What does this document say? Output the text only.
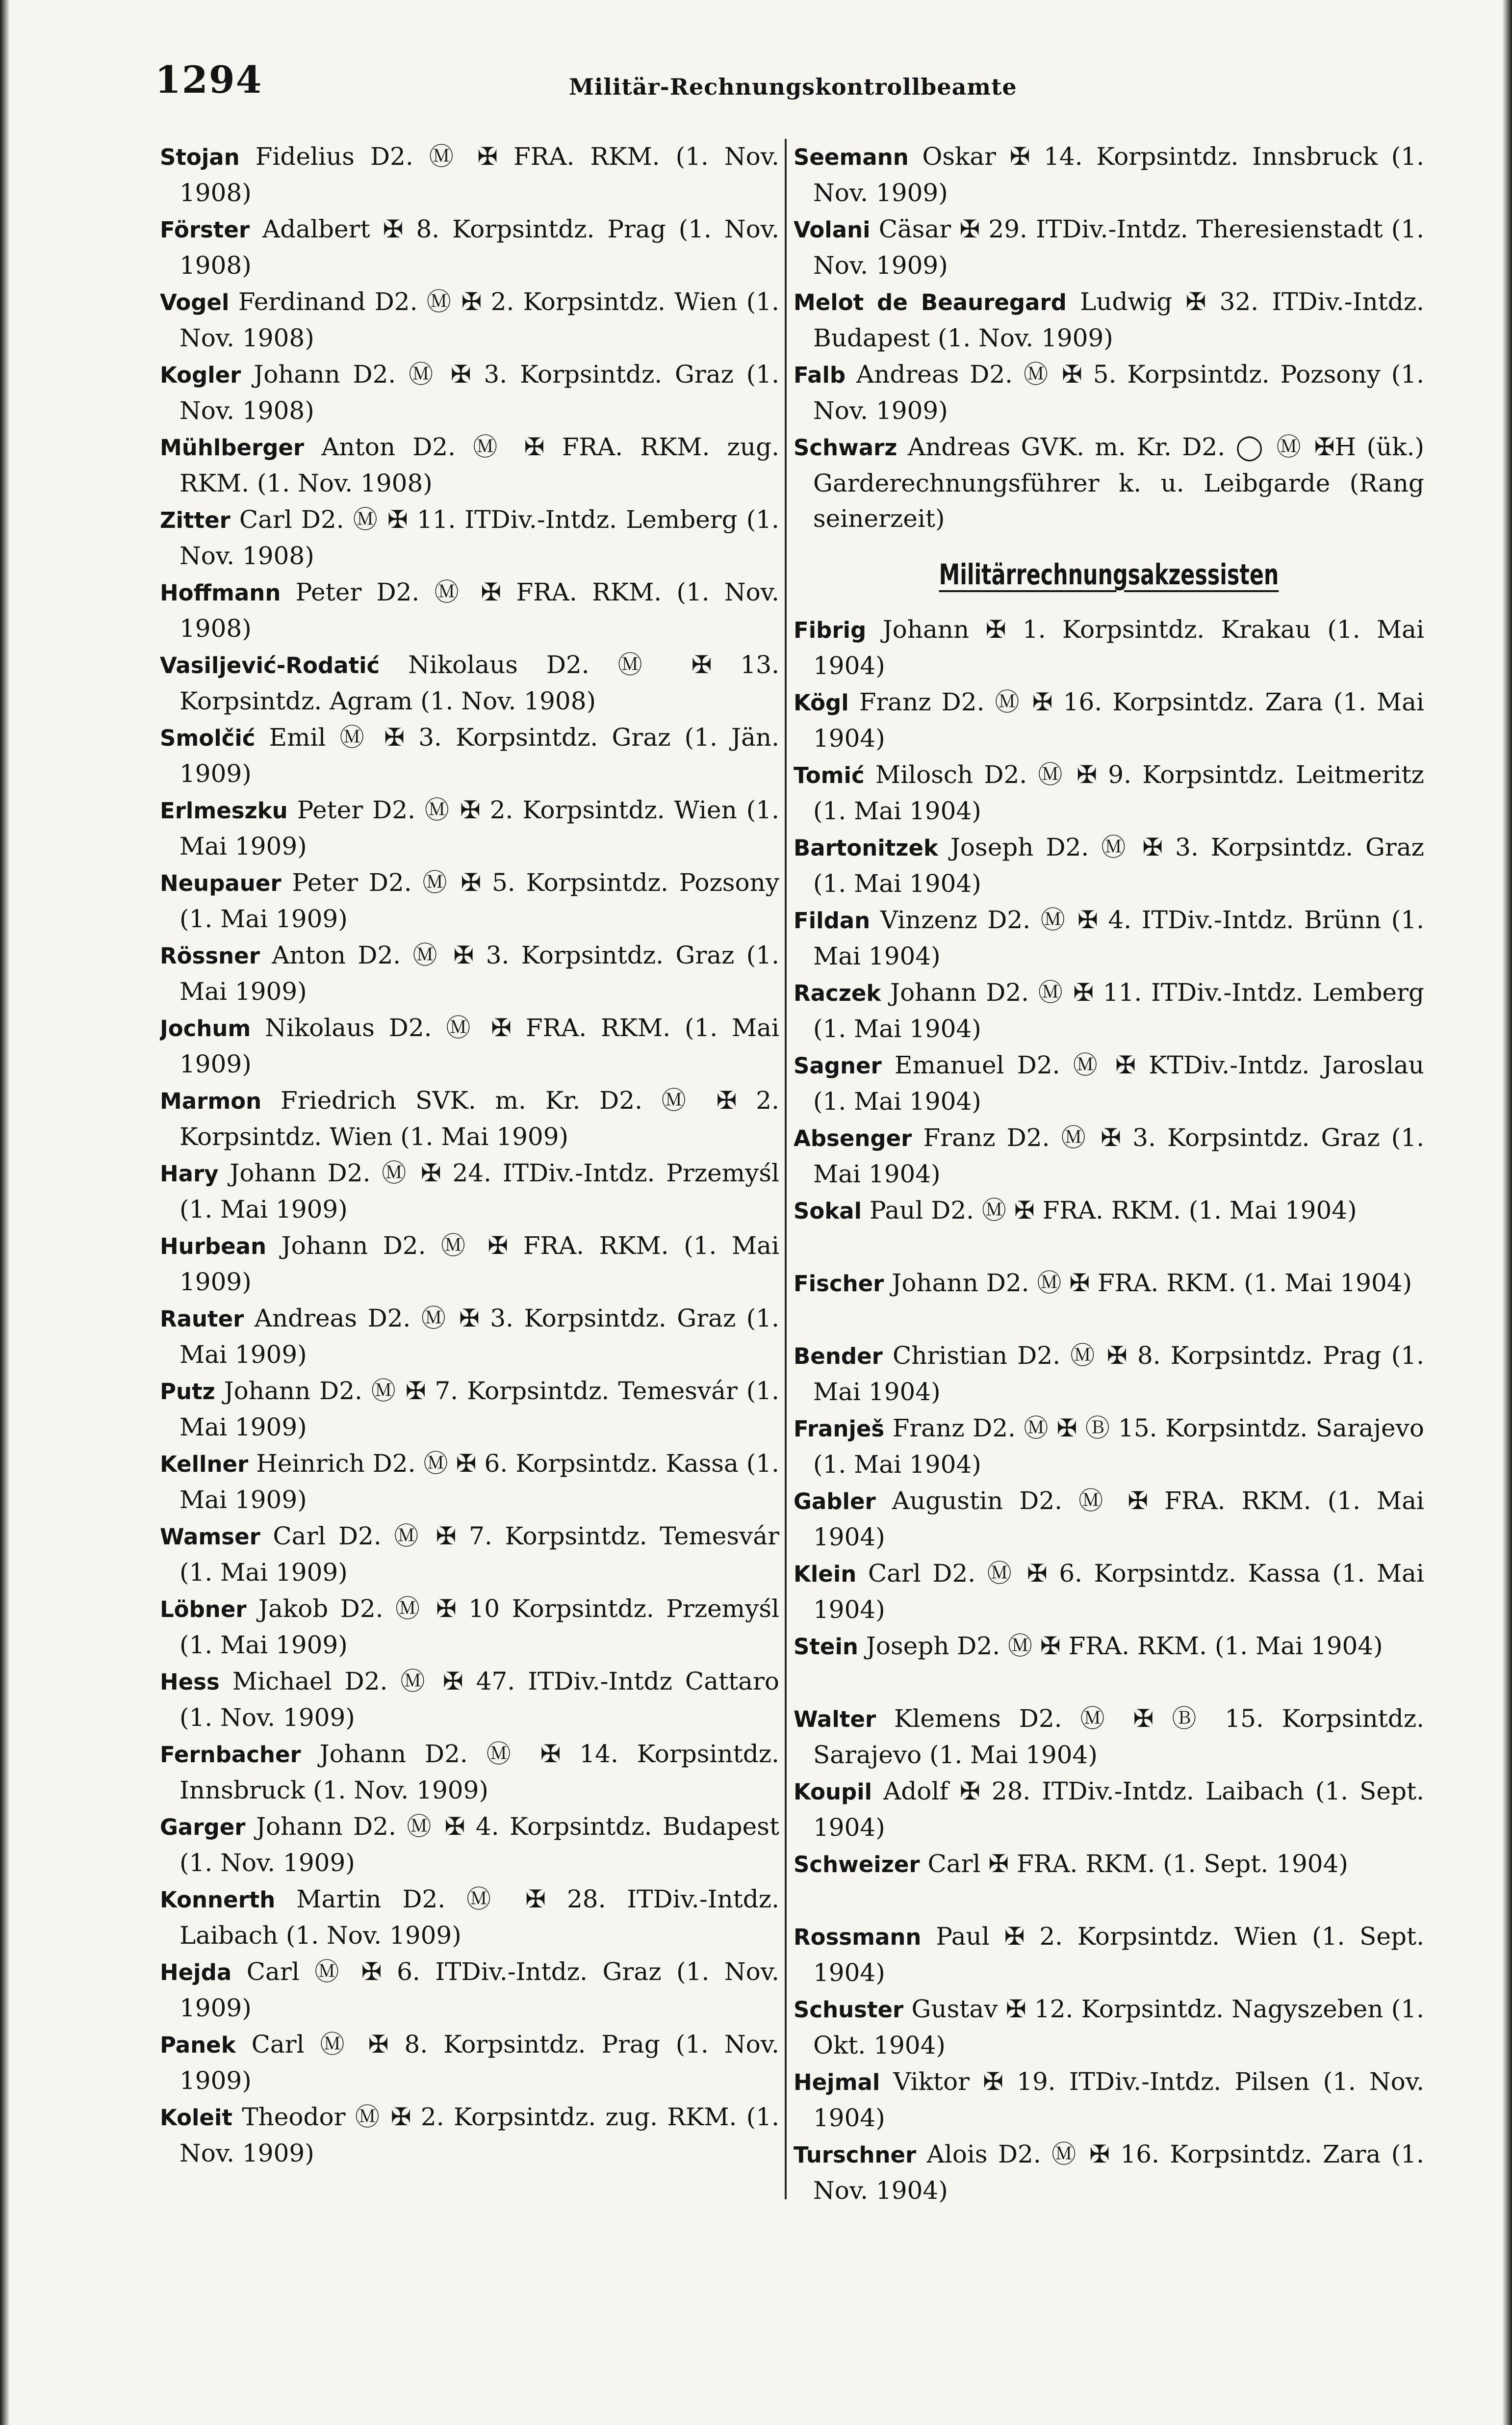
1294	Militär-Rechnungskontrollbeamte
Stojan Fidelius D2. Ⓜ ✠ FRA. RKM. (1. Nov. 1908)
Förster Adalbert ✠ 8. Korpsintdz. Prag (1. Nov. 1908)
Vogel Ferdinand D2. Ⓜ ✠ 2. Korpsintdz. Wien (1. Nov. 1908)
Kogler Johann D2. Ⓜ ✠ 3. Korpsintdz. Graz (1. Nov. 1908)
Mühlberger Anton D2. Ⓜ ✠ FRA. RKM. zug. RKM. (1. Nov. 1908)
Zitter Carl D2. Ⓜ ✠ 11. ITDiv.-Intdz. Lemberg (1. Nov. 1908)
Hoffmann Peter D2. Ⓜ ✠ FRA. RKM. (1. Nov. 1908)
Vasiljević-Rodatić Nikolaus D2. Ⓜ ✠ 13. Korpsintdz. Agram (1. Nov. 1908)
Smolčić Emil Ⓜ ✠ 3. Korpsintdz. Graz (1. Jän. 1909)
Erlmeszku Peter D2. Ⓜ ✠ 2. Korpsintdz. Wien (1. Mai 1909)
Neupauer Peter D2. Ⓜ ✠ 5. Korpsintdz. Pozsony (1. Mai 1909)
Rössner Anton D2. Ⓜ ✠ 3. Korpsintdz. Graz (1. Mai 1909)
Jochum Nikolaus D2. Ⓜ ✠ FRA. RKM. (1. Mai 1909)
Marmon Friedrich SVK. m. Kr. D2. Ⓜ ✠ 2. Korpsintdz. Wien (1. Mai 1909)
Hary Johann D2. Ⓜ ✠ 24. ITDiv.-Intdz. Przemyśl (1. Mai 1909)
Hurbean Johann D2. Ⓜ ✠ FRA. RKM. (1. Mai 1909)
Rauter Andreas D2. Ⓜ ✠ 3. Korpsintdz. Graz (1. Mai 1909)
Putz Johann D2. Ⓜ ✠ 7. Korpsintdz. Temesvár (1. Mai 1909)
Kellner Heinrich D2. Ⓜ ✠ 6. Korpsintdz. Kassa (1. Mai 1909)
Wamser Carl D2. Ⓜ ✠ 7. Korpsintdz. Temesvár (1. Mai 1909)
Löbner Jakob D2. Ⓜ ✠ 10 Korpsintdz. Przemyśl (1. Mai 1909)
Hess Michael D2. Ⓜ ✠ 47. ITDiv.-Intdz Cattaro (1. Nov. 1909)
Fernbacher Johann D2. Ⓜ ✠ 14. Korpsintdz. Innsbruck (1. Nov. 1909)
Garger Johann D2. Ⓜ ✠ 4. Korpsintdz. Budapest (1. Nov. 1909)
Konnerth Martin D2. Ⓜ ✠ 28. ITDiv.-Intdz. Laibach (1. Nov. 1909)
Hejda Carl Ⓜ ✠ 6. ITDiv.-Intdz. Graz (1. Nov. 1909)
Panek Carl Ⓜ ✠ 8. Korpsintdz. Prag (1. Nov. 1909)
Koleit Theodor Ⓜ ✠ 2. Korpsintdz. zug. RKM. (1. Nov. 1909)
Seemann Oskar ✠ 14. Korpsintdz. Innsbruck (1. Nov. 1909)
Volani Cäsar ✠ 29. ITDiv.-Intdz. Theresienstadt (1. Nov. 1909)
Melot de Beauregard Ludwig ✠ 32. ITDiv.-Intdz. Budapest (1. Nov. 1909)
Falb Andreas D2. Ⓜ ✠ 5. Korpsintdz. Pozsony (1. Nov. 1909)
Schwarz Andreas GVK. m. Kr. D2. ◯ Ⓜ ✠H (ük.) Garderechnungsführer k. u. Leibgarde (Rang seinerzeit)
Militärrechnungsakzessisten
Fibrig Johann ✠ 1. Korpsintdz. Krakau (1. Mai 1904)
Kögl Franz D2. Ⓜ ✠ 16. Korpsintdz. Zara (1. Mai 1904)
Tomić Milosch D2. Ⓜ ✠ 9. Korpsintdz. Leitmeritz (1. Mai 1904)
Bartonitzek Joseph D2. Ⓜ ✠ 3. Korpsintdz. Graz (1. Mai 1904)
Fildan Vinzenz D2. Ⓜ ✠ 4. ITDiv.-Intdz. Brünn (1. Mai 1904)
Raczek Johann D2. Ⓜ ✠ 11. ITDiv.-Intdz. Lemberg (1. Mai 1904)
Sagner Emanuel D2. Ⓜ ✠ KTDiv.-Intdz. Jaroslau (1. Mai 1904)
Absenger Franz D2. Ⓜ ✠ 3. Korpsintdz. Graz (1. Mai 1904)
Sokal Paul D2. Ⓜ ✠ FRA. RKM. (1. Mai 1904)
Fischer Johann D2. Ⓜ ✠ FRA. RKM. (1. Mai 1904)
Bender Christian D2. Ⓜ ✠ 8. Korpsintdz. Prag (1. Mai 1904)
Franješ Franz D2. Ⓜ ✠ Ⓑ 15. Korpsintdz. Sarajevo (1. Mai 1904)
Gabler Augustin D2. Ⓜ ✠ FRA. RKM. (1. Mai 1904)
Klein Carl D2. Ⓜ ✠ 6. Korpsintdz. Kassa (1. Mai 1904)
Stein Joseph D2. Ⓜ ✠ FRA. RKM. (1. Mai 1904)
Walter Klemens D2. Ⓜ ✠ Ⓑ 15. Korpsintdz. Sarajevo (1. Mai 1904)
Koupil Adolf ✠ 28. ITDiv.-Intdz. Laibach (1. Sept. 1904)
Schweizer Carl ✠ FRA. RKM. (1. Sept. 1904)
Rossmann Paul ✠ 2. Korpsintdz. Wien (1. Sept. 1904)
Schuster Gustav ✠ 12. Korpsintdz. Nagyszeben (1. Okt. 1904)
Hejmal Viktor ✠ 19. ITDiv.-Intdz. Pilsen (1. Nov. 1904)
Turschner Alois D2. Ⓜ ✠ 16. Korpsintdz. Zara (1. Nov. 1904)
